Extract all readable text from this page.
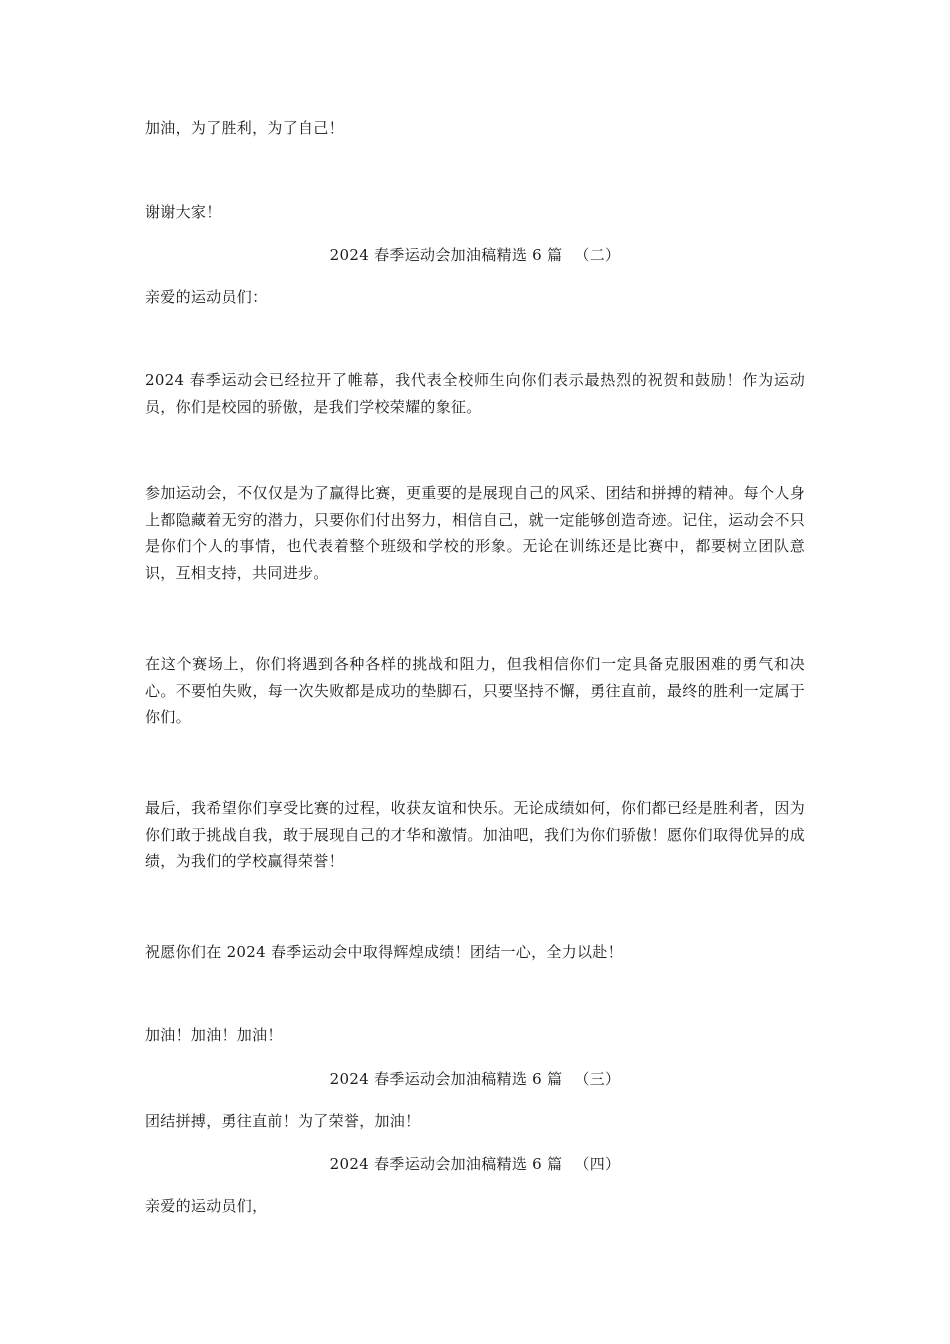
加油，为了胜利，为了自己！
谢谢大家！
2024 春季运动会加油稿精选 6 篇 （二）
亲爱的运动员们：
2024 春季运动会已经拉开了帷幕，我代表全校师生向你们表示最热烈的祝贺和鼓励！作为运动员，你们是校园的骄傲，是我们学校荣耀的象征。
参加运动会，不仅仅是为了赢得比赛，更重要的是展现自己的风采、团结和拼搏的精神。每个人身上都隐藏着无穷的潜力，只要你们付出努力，相信自己，就一定能够创造奇迹。记住，运动会不只是你们个人的事情，也代表着整个班级和学校的形象。无论在训练还是比赛中，都要树立团队意识，互相支持，共同进步。
在这个赛场上，你们将遇到各种各样的挑战和阻力，但我相信你们一定具备克服困难的勇气和决心。不要怕失败，每一次失败都是成功的垫脚石，只要坚持不懈，勇往直前，最终的胜利一定属于你们。
最后，我希望你们享受比赛的过程，收获友谊和快乐。无论成绩如何，你们都已经是胜利者，因为你们敢于挑战自我，敢于展现自己的才华和激情。加油吧，我们为你们骄傲！愿你们取得优异的成绩，为我们的学校赢得荣誉！
祝愿你们在 2024 春季运动会中取得辉煌成绩！团结一心，全力以赴！
加油！加油！加油！
2024 春季运动会加油稿精选 6 篇 （三）
团结拼搏，勇往直前！为了荣誉，加油！
2024 春季运动会加油稿精选 6 篇 （四）
亲爱的运动员们，
